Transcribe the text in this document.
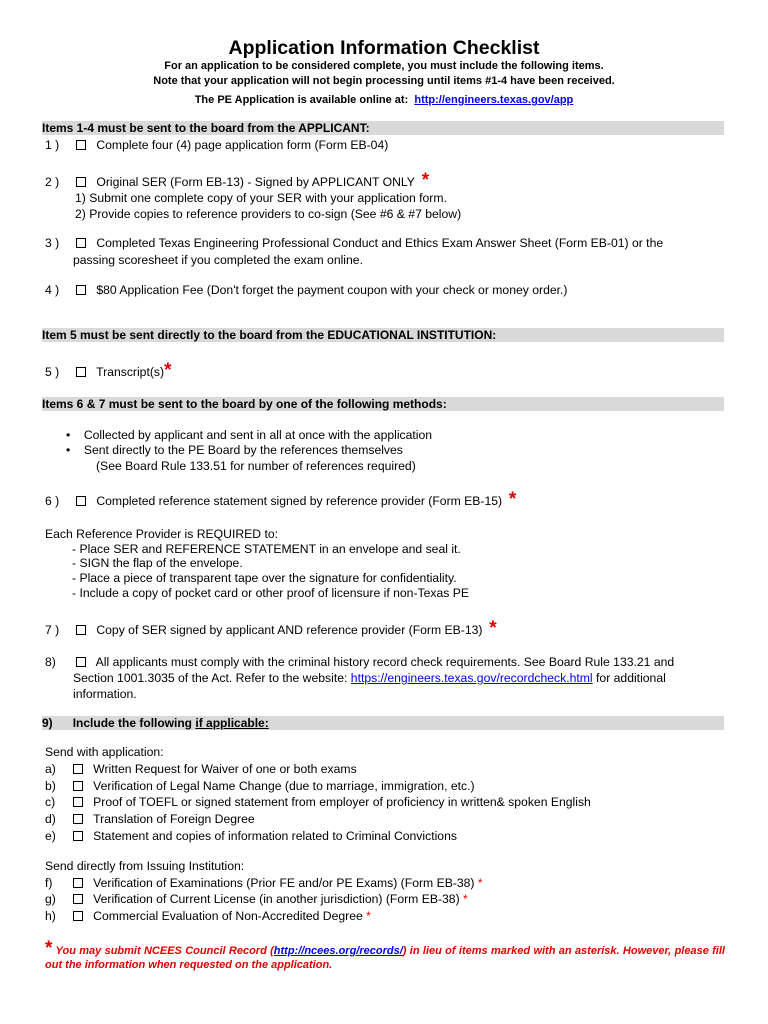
Application Information Checklist
For an application to be considered complete, you must include the following items.
Note that your application will not begin processing until items #1-4 have been received.
The PE Application is available online at: http://engineers.texas.gov/app
Items 1-4 must be sent to the board from the APPLICANT:
1 )	Complete four (4) page application form (Form EB-04)
2 )	Original SER (Form EB-13) - Signed by APPLICANT ONLY *
1) Submit one complete copy of your SER with your application form.
2) Provide copies to reference providers to co-sign (See #6 & #7 below)
3 )	Completed Texas Engineering Professional Conduct and Ethics Exam Answer Sheet (Form EB-01) or the
passing scoresheet if you completed the exam online.
4 )	$80 Application Fee (Don't forget the payment coupon with your check or money order.)
Item 5 must be sent directly to the board from the EDUCATIONAL INSTITUTION:
5 )	Transcript(s)*
Items 6 & 7 must be sent to the board by one of the following methods:
• Collected by applicant and sent in all at once with the application
• Sent directly to the PE Board by the references themselves
(See Board Rule 133.51 for number of references required)
6 )	Completed reference statement signed by reference provider (Form EB-15) *
Each Reference Provider is REQUIRED to:
- Place SER and REFERENCE STATEMENT in an envelope and seal it.
- SIGN the flap of the envelope.
- Place a piece of transparent tape over the signature for confidentiality.
- Include a copy of pocket card or other proof of licensure if non-Texas PE
7 )	Copy of SER signed by applicant AND reference provider (Form EB-13) *
8)	All applicants must comply with the criminal history record check requirements. See Board Rule 133.21 and
Section 1001.3035 of the Act. Refer to the website: https://engineers.texas.gov/recordcheck.html for additional
information.
9) Include the following if applicable:
Send with application:
a)	Written Request for Waiver of one or both exams
b)	Verification of Legal Name Change (due to marriage, immigration, etc.)
c)	Proof of TOEFL or signed statement from employer of proficiency in written& spoken English
d)	Translation of Foreign Degree
e)	Statement and copies of information related to Criminal Convictions
Send directly from Issuing Institution:
f)	Verification of Examinations (Prior FE and/or PE Exams) (Form EB-38) *
g)	Verification of Current License (in another jurisdiction) (Form EB-38) *
h)	Commercial Evaluation of Non-Accredited Degree *
* You may submit NCEES Council Record (http://ncees.org/records/) in lieu of items marked with an asterisk. However, please fill out the information when requested on the application.
